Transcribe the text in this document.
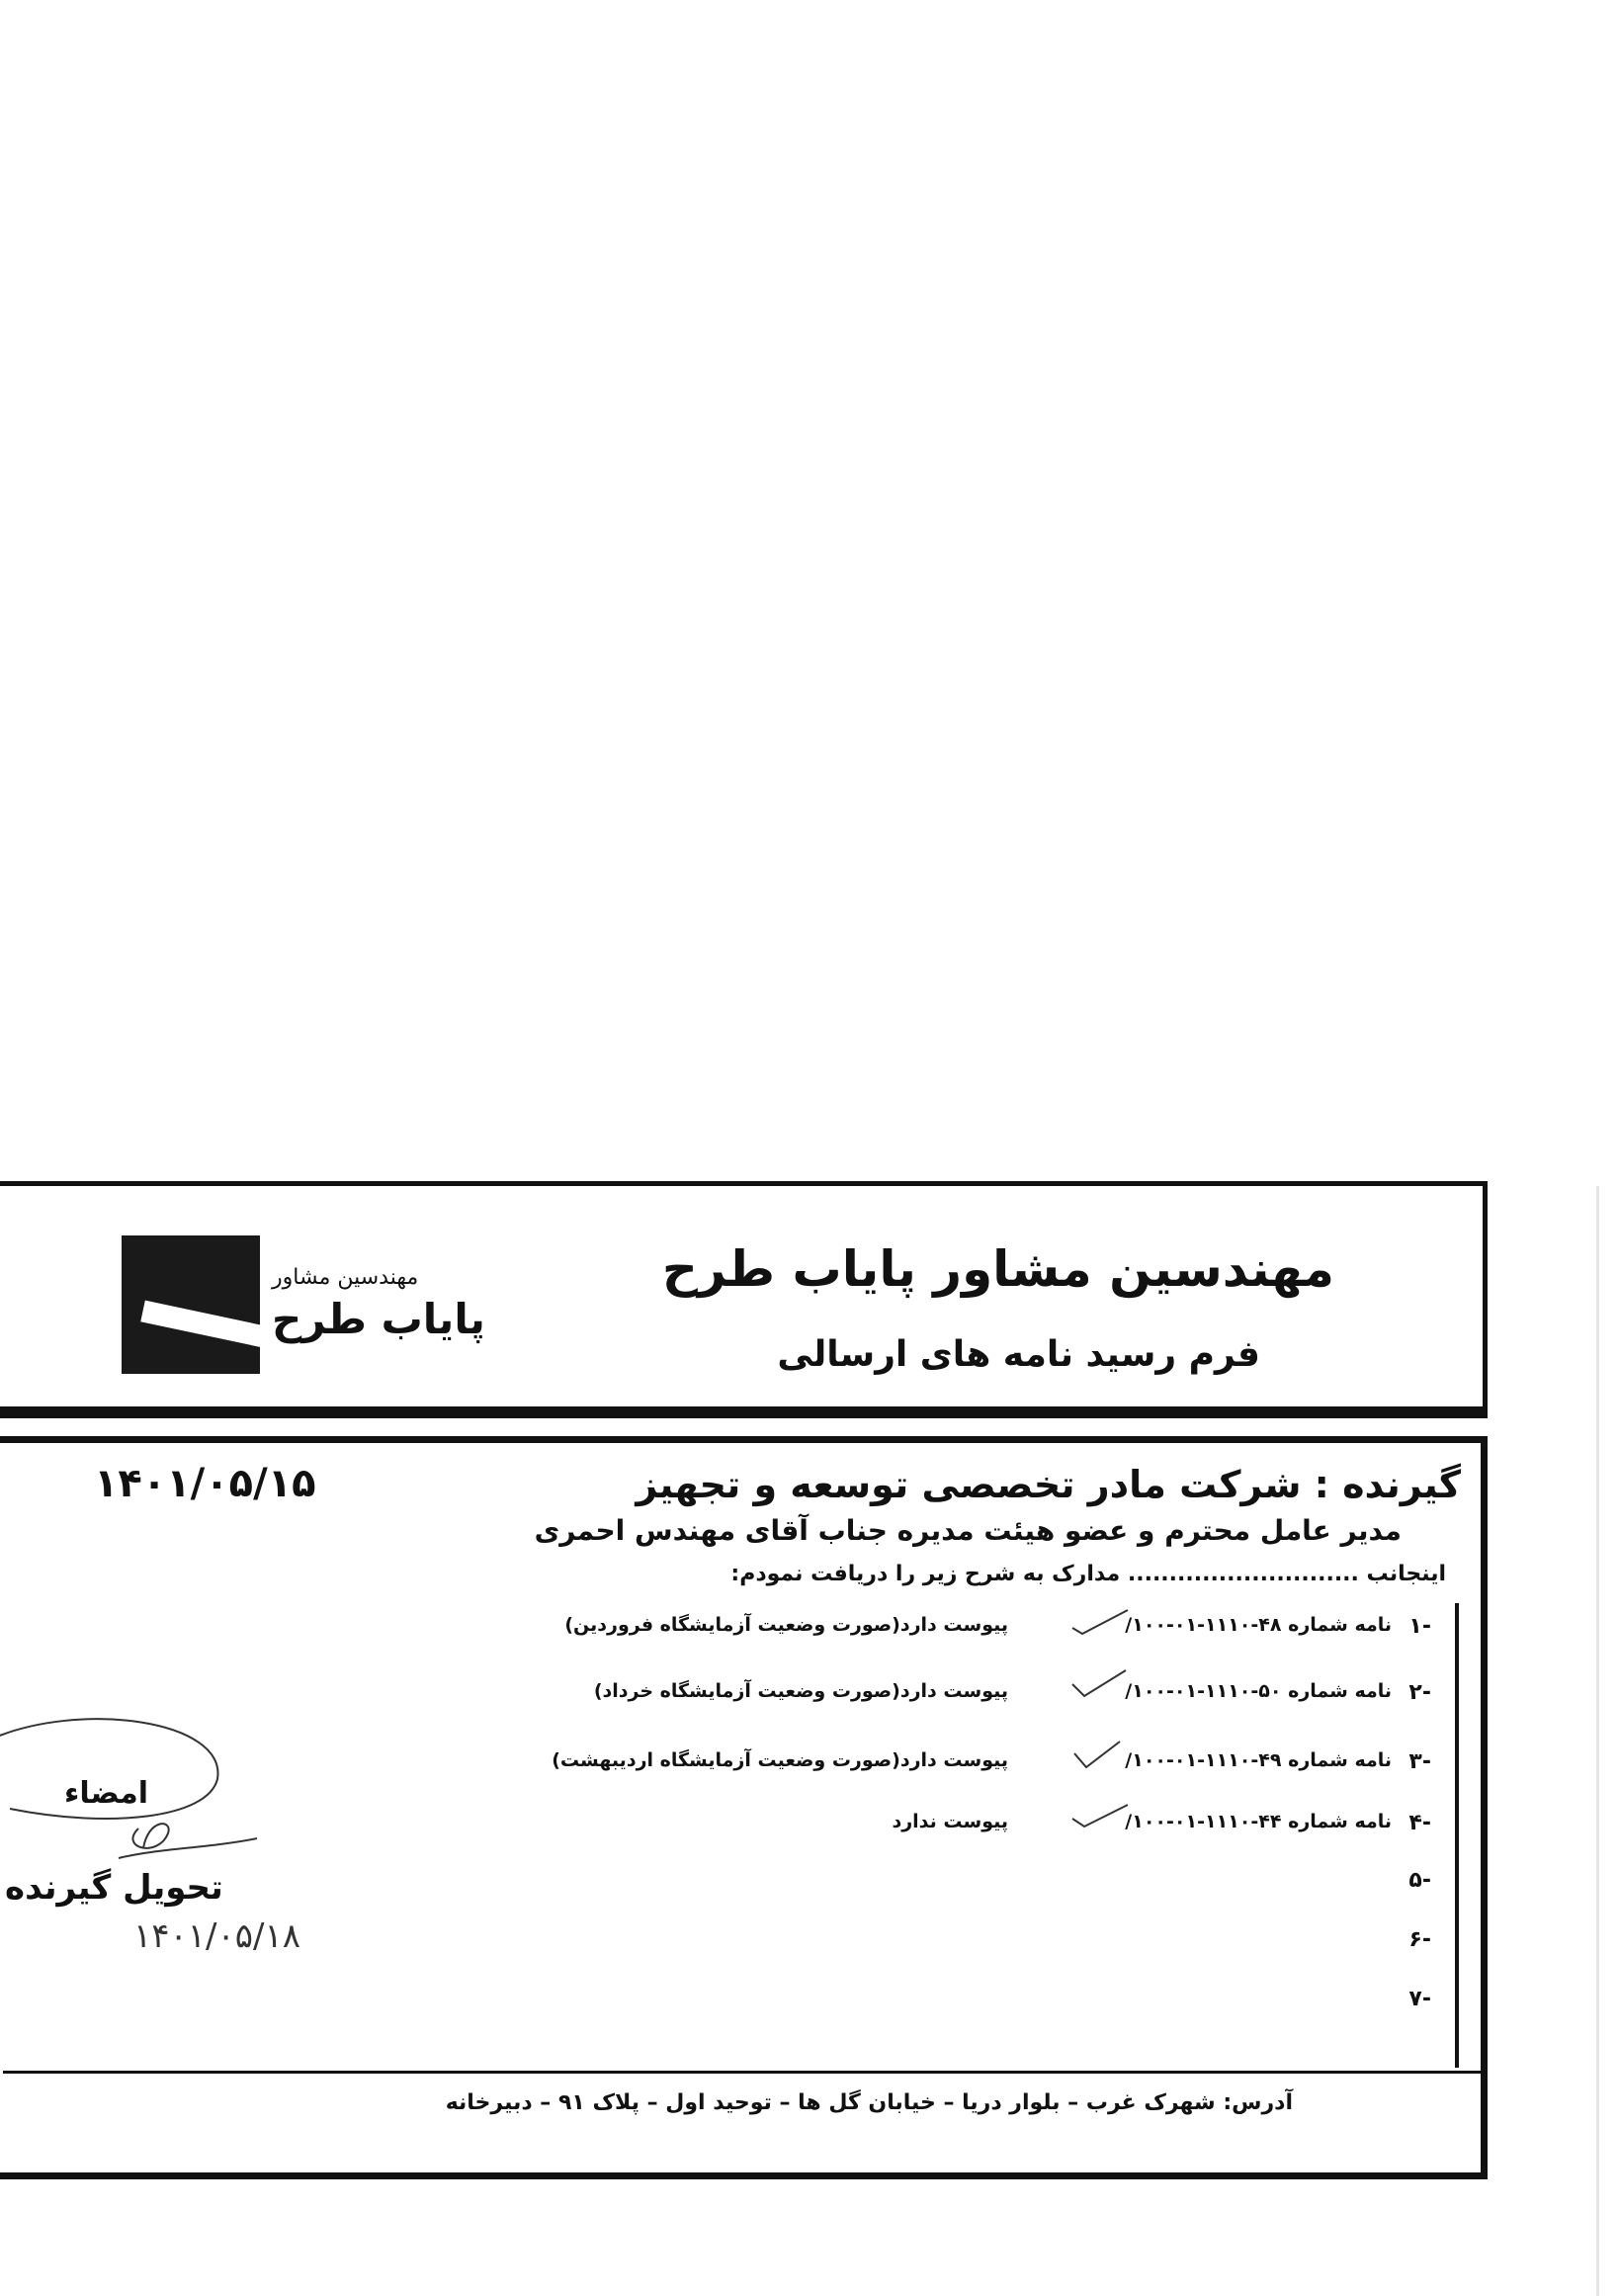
مهندسین مشاور پایاب طرح
فرم رسید نامه های ارسالی
مهندسین مشاور
پایاب طرح
گیرنده : شرکت مادر تخصصی توسعه و تجهیز
۱۴۰۱/۰۵/۱۵
مدیر عامل محترم و عضو هیئت مدیره جناب آقای مهندس احمری
اینجانب ............................ مدارک به شرح زیر را دریافت نمودم:
-۱
نامه شماره ۴۸-۱۱۱۰-۰۱-۱۰۰/
پیوست دارد(صورت وضعیت آزمایشگاه فروردین)
-۲
نامه شماره ۵۰-۱۱۱۰-۰۱-۱۰۰/
پیوست دارد(صورت وضعیت آزمایشگاه خرداد)
-۳
نامه شماره ۴۹-۱۱۱۰-۰۱-۱۰۰/
پیوست دارد(صورت وضعیت آزمایشگاه اردیبهشت)
-۴
نامه شماره ۴۴-۱۱۱۰-۰۱-۱۰۰/
پیوست ندارد
-۵
-۶
-۷
امضاء
تحویل گیرنده
۱۴۰۱/۰۵/۱۸
آدرس: شهرک غرب – بلوار دریا – خیابان گل ها – توحید اول – پلاک ۹۱ – دبیرخانه
